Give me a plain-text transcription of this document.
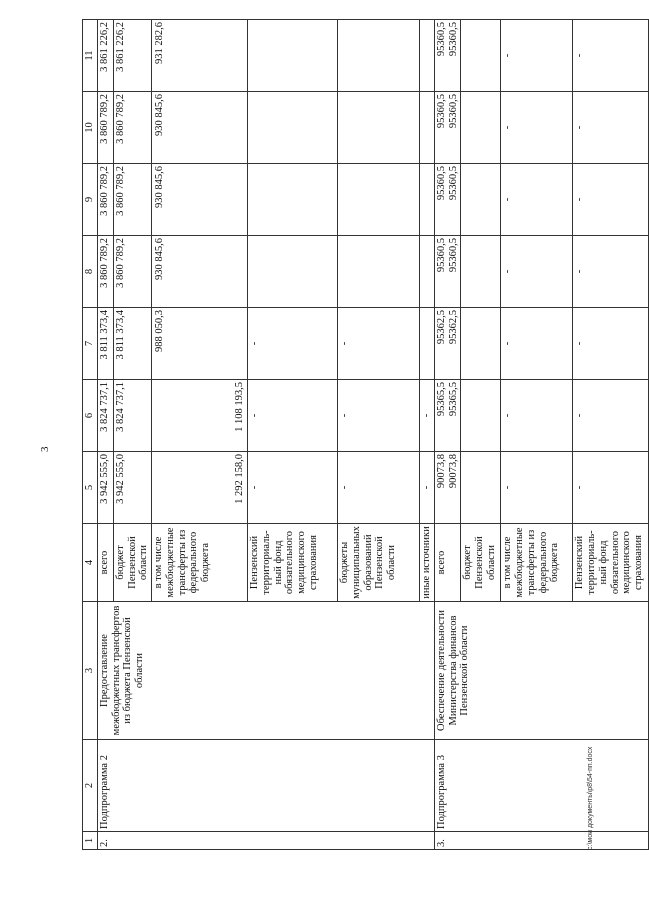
3
1	2	3	4	5	6	7	8	9	10	11
2.	Подпрограмма 2	Предоставление межбюджетных трансфертов из бюджета Пензенской области	всего	3 942 555,0	3 824 737,1	3 811 373,4	3 860 789,2	3 860 789,2	3 860 789,2	3 861 226,2

			бюджет Пензенской области	3 942 555,0	3 824 737,1	3 811 373,4	3 860 789,2	3 860 789,2	3 860 789,2	3 861 226,2

			в том числе межбюджетные трансферты из федерального бюджета	1 292 158,0	1 108 193,5	988 050,3	930 845,6	930 845,6	930 845,6	931 282,6

			Пензенский территориаль-ный фонд обязательного медицинского страхования	-	-	-				

			бюджеты муниципальных образований Пензенской области	-	-	-				

			иные источники	-	-					

3.	Подпрограмма 3	Обеспечение деятельности Министерства финансов Пензенской области	всего	90073,8 90073,8	95365,5 95365,5	95362,5 95362,5	95360,5 95360,5	95360,5 95360,5	95360,5 95360,5	95360,5 95360,5

			бюджет Пензенской области	

			в том числе межбюджетные трансферты из федерального бюджета	-	-	-	-	-	-	-

			Пензенский территориаль-ный фонд обязательного медицинского страхования	-	-	-	-	-	-	-
c:\мои документы\p8\54-пп.docx
